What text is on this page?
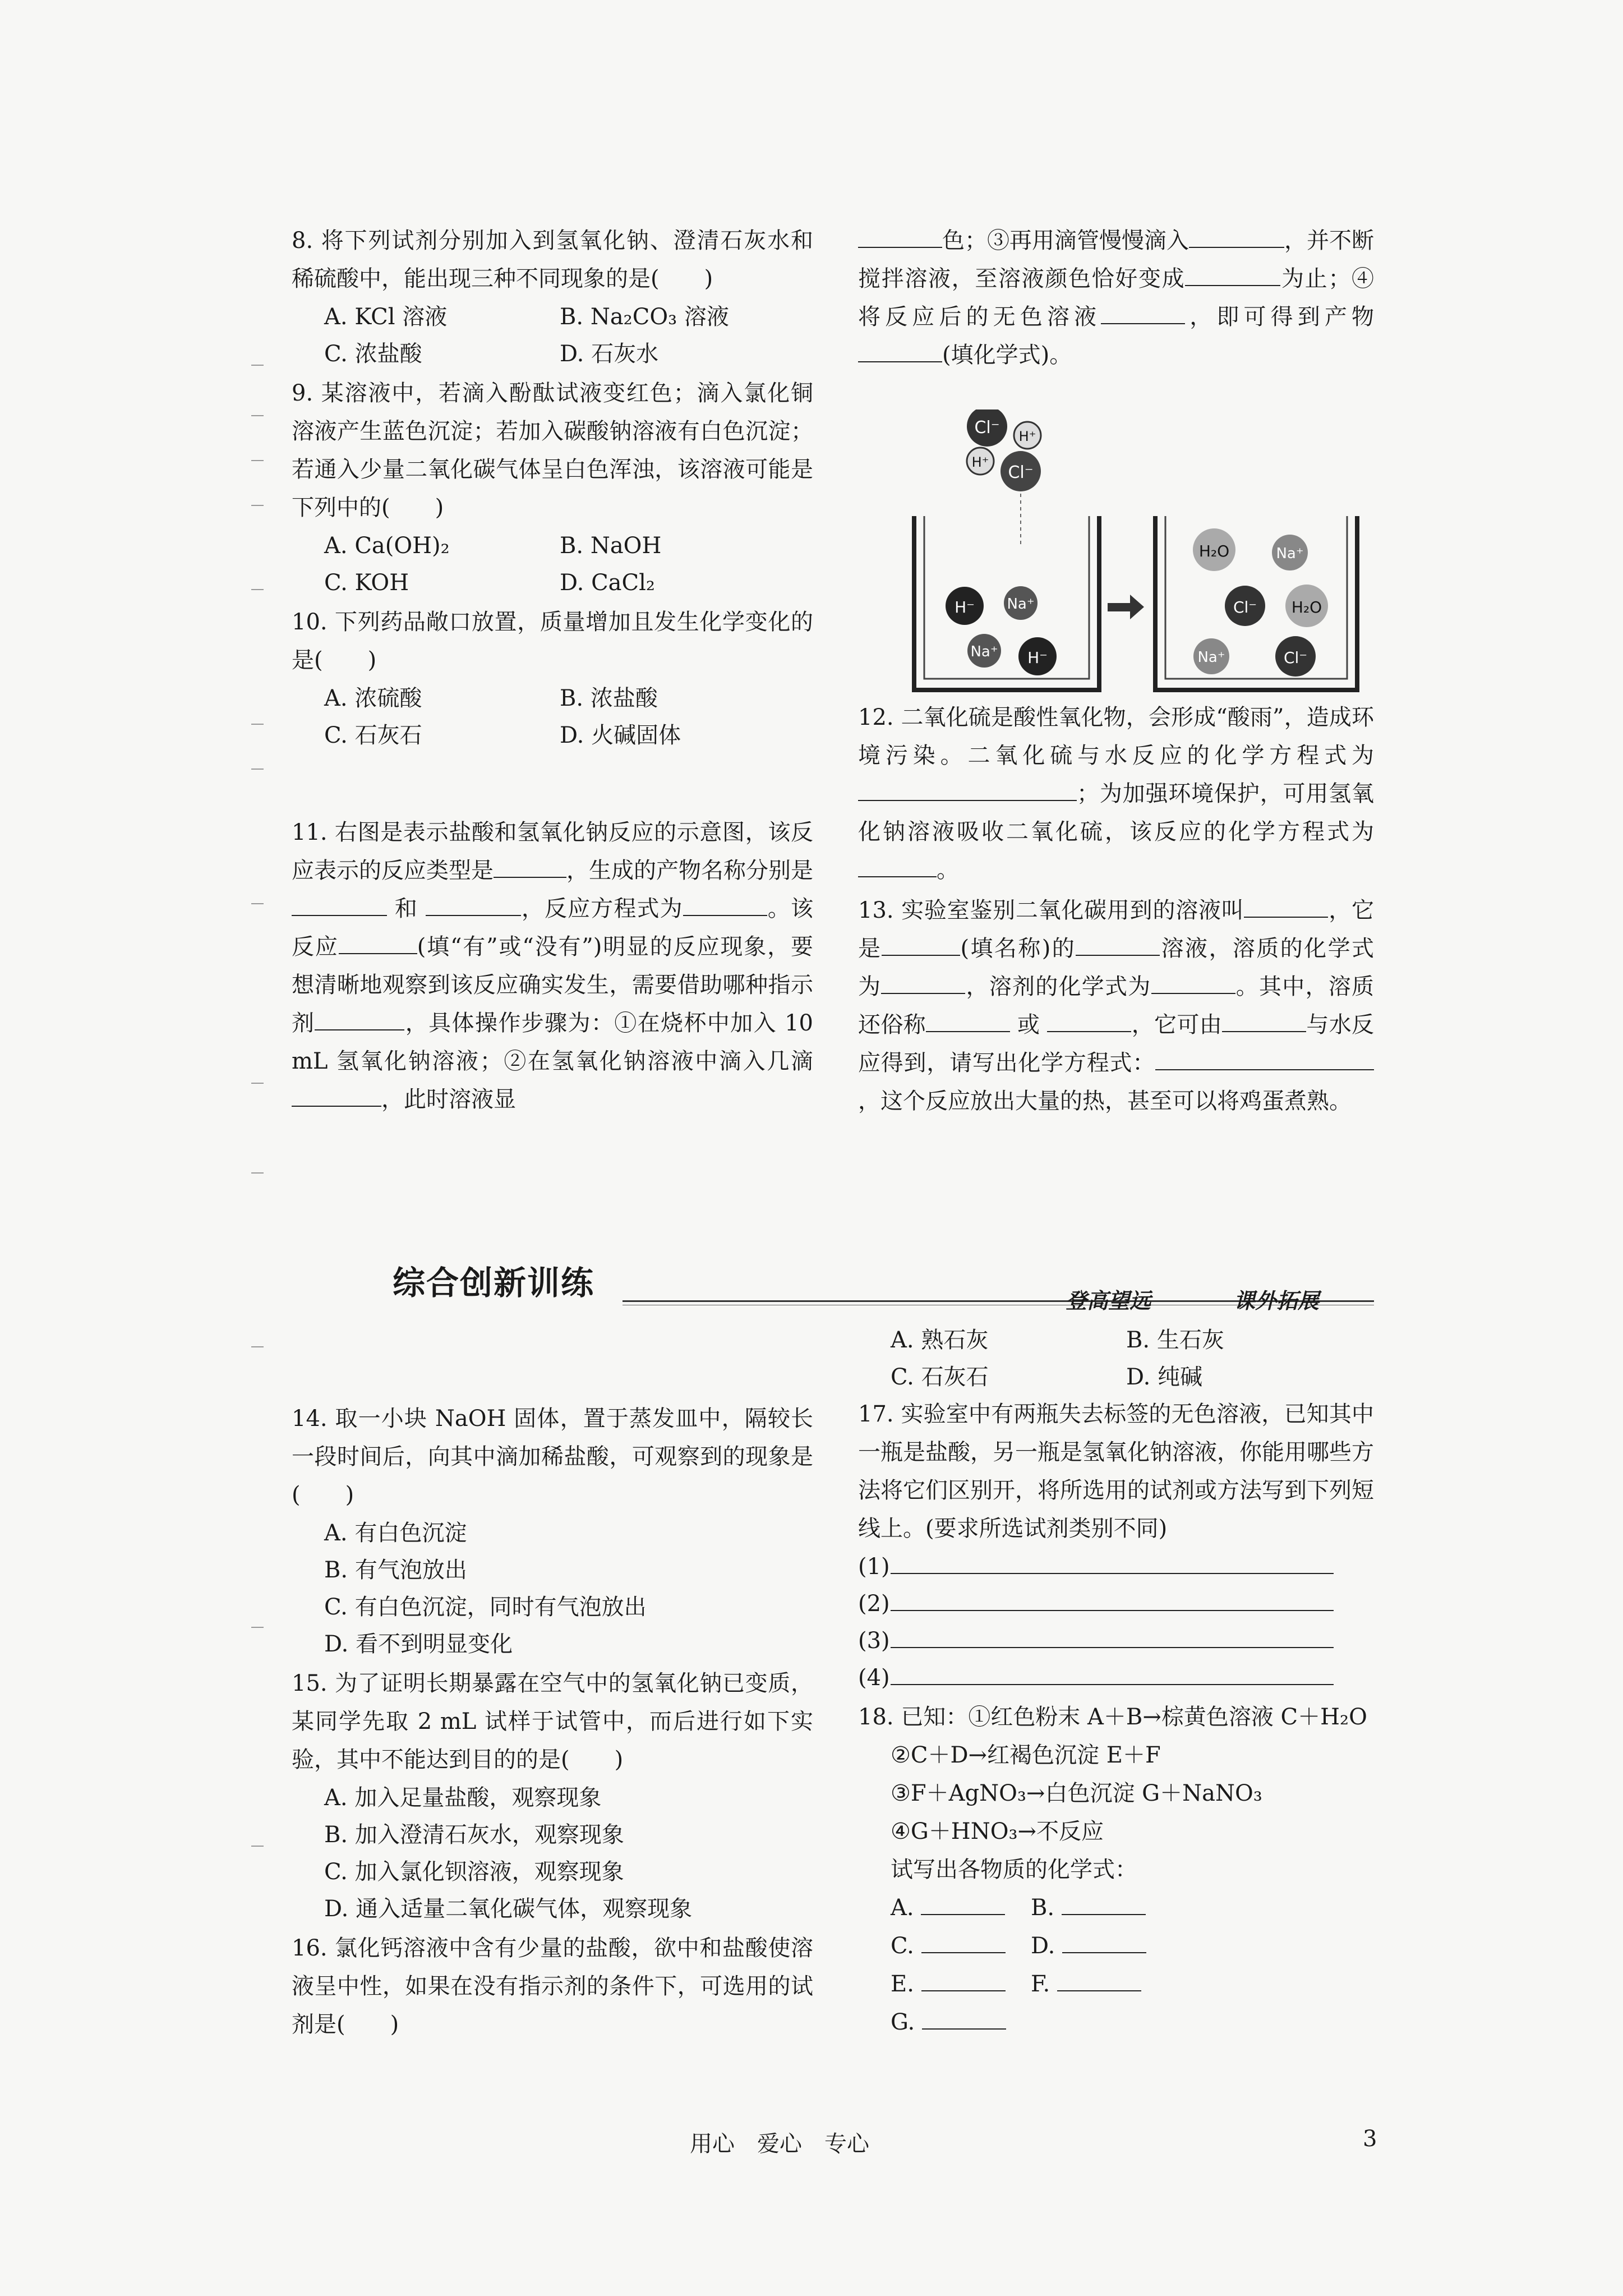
8. 将下列试剂分别加入到氢氧化钠、澄清石灰水和稀硫酸中，能出现三种不同现象的是(　　)
A. KCl 溶液	B. Na₂CO₃ 溶液
C. 浓盐酸	D. 石灰水
9. 某溶液中，若滴入酚酞试液变红色；滴入氯化铜溶液产生蓝色沉淀；若加入碳酸钠溶液有白色沉淀；若通入少量二氧化碳气体呈白色浑浊，该溶液可能是下列中的(　　)
A. Ca(OH)₂	B. NaOH
C. KOH	D. CaCl₂
10. 下列药品敞口放置，质量增加且发生化学变化的是(　　)
A. 浓硫酸	B. 浓盐酸
C. 石灰石	D. 火碱固体
11. 右图是表示盐酸和氢氧化钠反应的示意图，该反应表示的反应类型是	，生成的产物名称分别是 和	，反应方程式为	。该反应	(填“有”或“没有”)明显的反应现象，要想清晰地观察到该反应确实发生，需要借助哪种指示剂	，具体操作步骤为：①在烧杯中加入 10 mL 氢氧化钠溶液；②在氢氧化钠溶液中滴入几滴，此时溶液显
色；③再用滴管慢慢滴入	，并不断搅拌溶液，至溶液颜色恰好变成	为止；④将反应后的无色溶液	，即可得到产物(填化学式)。
Cl⁻ H⁺
H⁺
Cl⁻
H⁻ Na⁺
Na⁺ H⁻
H₂O	Na⁺
Cl⁻ H₂O
Na⁺	Cl⁻
12. 二氧化硫是酸性氧化物，会形成“酸雨”，造成环境污染。二氧化硫与水反应的化学方程式为；为加强环境保护，可用氢氧化钠溶液吸收二氧化硫，该反应的化学方程式为。
13. 实验室鉴别二氧化碳用到的溶液叫	，它是	(填名称)的	溶液，溶质的化学式为	，溶剂的化学式为	。其中，溶质还俗称	或	，它可由	与水反应得到，请写出化学方程式：，这个反应放出大量的热，甚至可以将鸡蛋煮熟。
综合创新训练	登高望远	课外拓展
14. 取一小块 NaOH 固体，置于蒸发皿中，隔较长一段时间后，向其中滴加稀盐酸，可观察到的现象是(　　)
A. 有白色沉淀
B. 有气泡放出
C. 有白色沉淀，同时有气泡放出
D. 看不到明显变化
15. 为了证明长期暴露在空气中的氢氧化钠已变质，某同学先取 2 mL 试样于试管中，而后进行如下实验，其中不能达到目的的是(　　)
A. 加入足量盐酸，观察现象
B. 加入澄清石灰水，观察现象
C. 加入氯化钡溶液，观察现象
D. 通入适量二氧化碳气体，观察现象
16. 氯化钙溶液中含有少量的盐酸，欲中和盐酸使溶液呈中性，如果在没有指示剂的条件下，可选用的试剂是(　　)
A. 熟石灰	B. 生石灰
C. 石灰石	D. 纯碱
17. 实验室中有两瓶失去标签的无色溶液，已知其中一瓶是盐酸，另一瓶是氢氧化钠溶液，你能用哪些方法将它们区别开，将所选用的试剂或方法写到下列短线上。(要求所选试剂类别不同)
(1)
(2)
(3)
(4)
18. 已知：①红色粉末 A＋B→棕黄色溶液 C＋H₂O
②C＋D→红褐色沉淀 E＋F
③F＋AgNO₃→白色沉淀 G＋NaNO₃
④G＋HNO₃→不反应
试写出各物质的化学式：
A.	B.
C.	D.
E.	F.
G.
用心　爱心　专心	3
